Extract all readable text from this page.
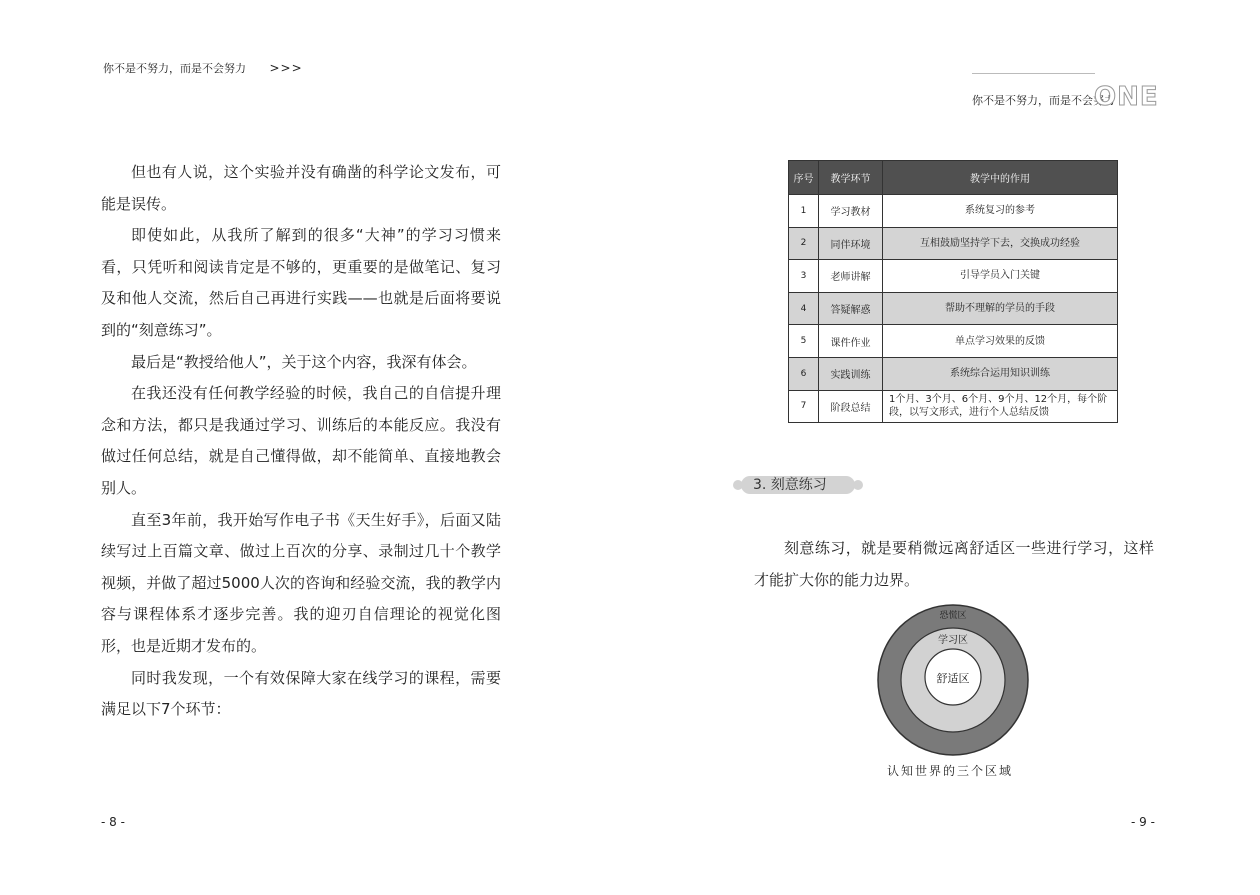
你不是不努力，而是不会努力 >>>

但也有人说，这个实验并没有确凿的科学论文发布，可能是误传。

即使如此，从我所了解到的很多“大神”的学习习惯来看，只凭听和阅读肯定是不够的，更重要的是做笔记、复习及和他人交流，然后自己再进行实践——也就是后面将要说到的“刻意练习”。

最后是“教授给他人”，关于这个内容，我深有体会。

在我还没有任何教学经验的时候，我自己的自信提升理念和方法，都只是我通过学习、训练后的本能反应。我没有做过任何总结，就是自己懂得做，却不能简单、直接地教会别人。

直至3年前，我开始写作电子书《天生好手》，后面又陆续写过上百篇文章、做过上百次的分享、录制过几十个教学视频，并做了超过5000人次的咨询和经验交流，我的教学内容与课程体系才逐步完善。我的迎刃自信理论的视觉化图形，也是近期才发布的。

同时我发现，一个有效保障大家在线学习的课程，需要满足以下7个环节：

- 8 -
你不是不努力，而是不会努力
ONE
序号	教学环节	教学中的作用
1	学习教材	系统复习的参考
2	同伴环境	互相鼓励坚持学下去，交换成功经验
3	老师讲解	引导学员入门关键
4	答疑解惑	帮助不理解的学员的手段
5	课件作业	单点学习效果的反馈
6	实践训练	系统综合运用知识训练
7	阶段总结	1个月、3个月、6个月、9个月、12个月，每个阶段，以写文形式，进行个人总结反馈
3. 刻意练习

刻意练习，就是要稍微远离舒适区一些进行学习，这样才能扩大你的能力边界。

恐慌区
学习区
舒适区
认知世界的三个区域
- 9 -
